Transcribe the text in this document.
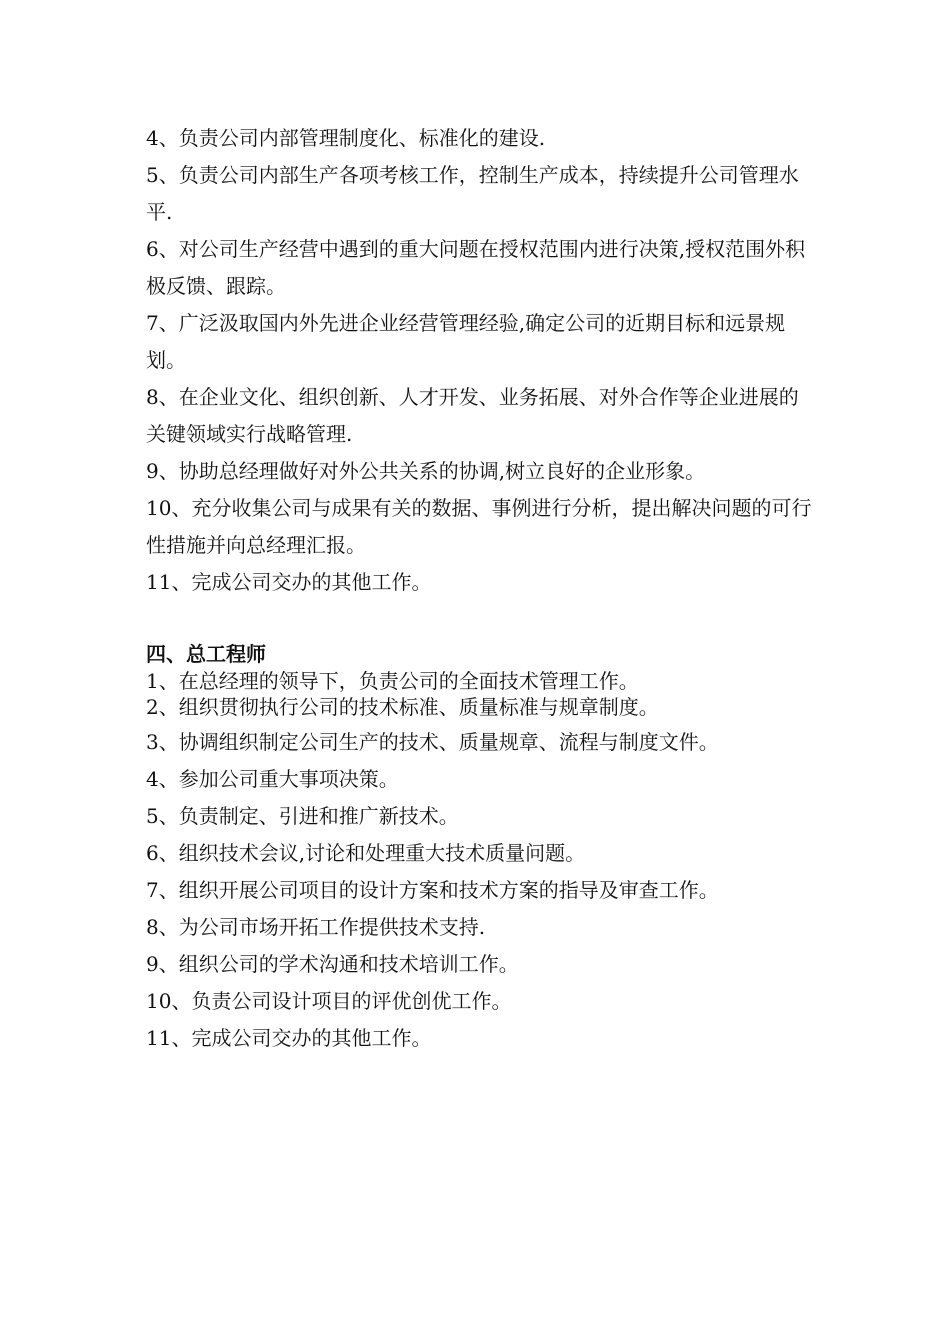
4、负责公司内部管理制度化、标准化的建设.

5、负责公司内部生产各项考核工作，控制生产成本，持续提升公司管理水平.

6、对公司生产经营中遇到的重大问题在授权范围内进行决策,授权范围外积极反馈、跟踪。

7、广泛汲取国内外先进企业经营管理经验,确定公司的近期目标和远景规划。

8、在企业文化、组织创新、人才开发、业务拓展、对外合作等企业进展的关键领域实行战略管理.

9、协助总经理做好对外公共关系的协调,树立良好的企业形象。

10、充分收集公司与成果有关的数据、事例进行分析，提出解决问题的可行性措施并向总经理汇报。

11、完成公司交办的其他工作。

四、总工程师

1、在总经理的领导下，负责公司的全面技术管理工作。

2、组织贯彻执行公司的技术标准、质量标准与规章制度。

3、协调组织制定公司生产的技术、质量规章、流程与制度文件。

4、参加公司重大事项决策。

5、负责制定、引进和推广新技术。

6、组织技术会议,讨论和处理重大技术质量问题。

7、组织开展公司项目的设计方案和技术方案的指导及审查工作。

8、为公司市场开拓工作提供技术支持.

9、组织公司的学术沟通和技术培训工作。

10、负责公司设计项目的评优创优工作。

11、完成公司交办的其他工作。
